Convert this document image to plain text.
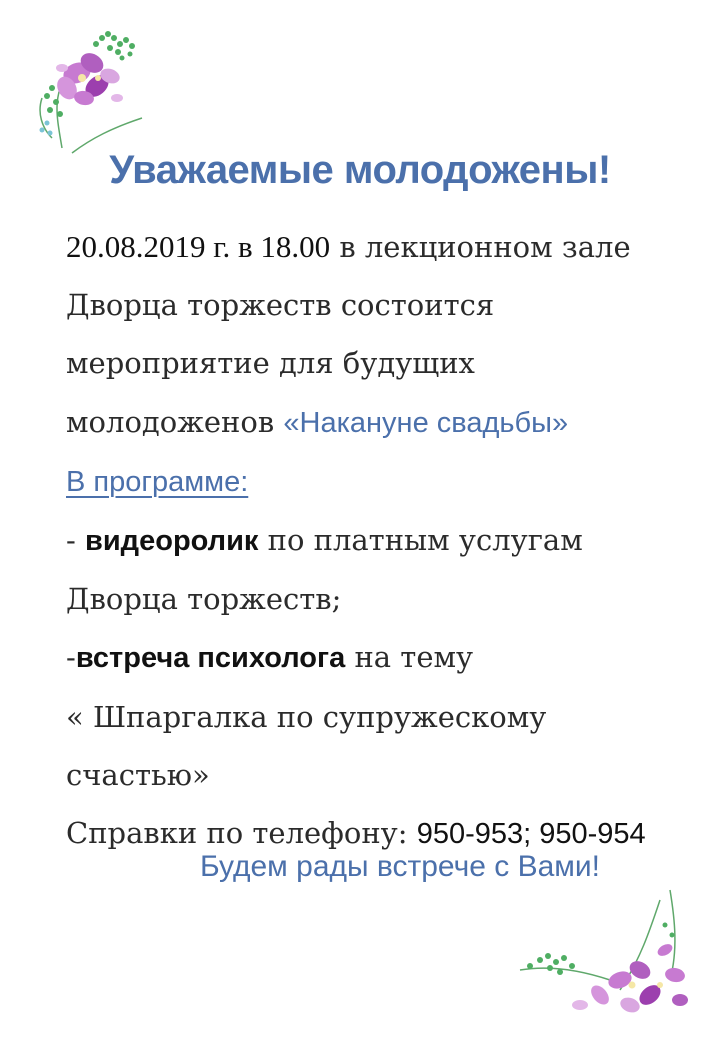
Уважаемые молодожены!
20.08.2019 г. в 18.00 в лекционном зале
Дворца торжеств состоится
мероприятие для будущих
молодоженов «Накануне свадьбы»
В программе:
- видеоролик по платным услугам
Дворца торжеств;
-встреча психолога на тему
« Шпаргалка по супружескому
счастью»
Справки по телефону: 950-953; 950-954

Будем рады встрече с Вами!
